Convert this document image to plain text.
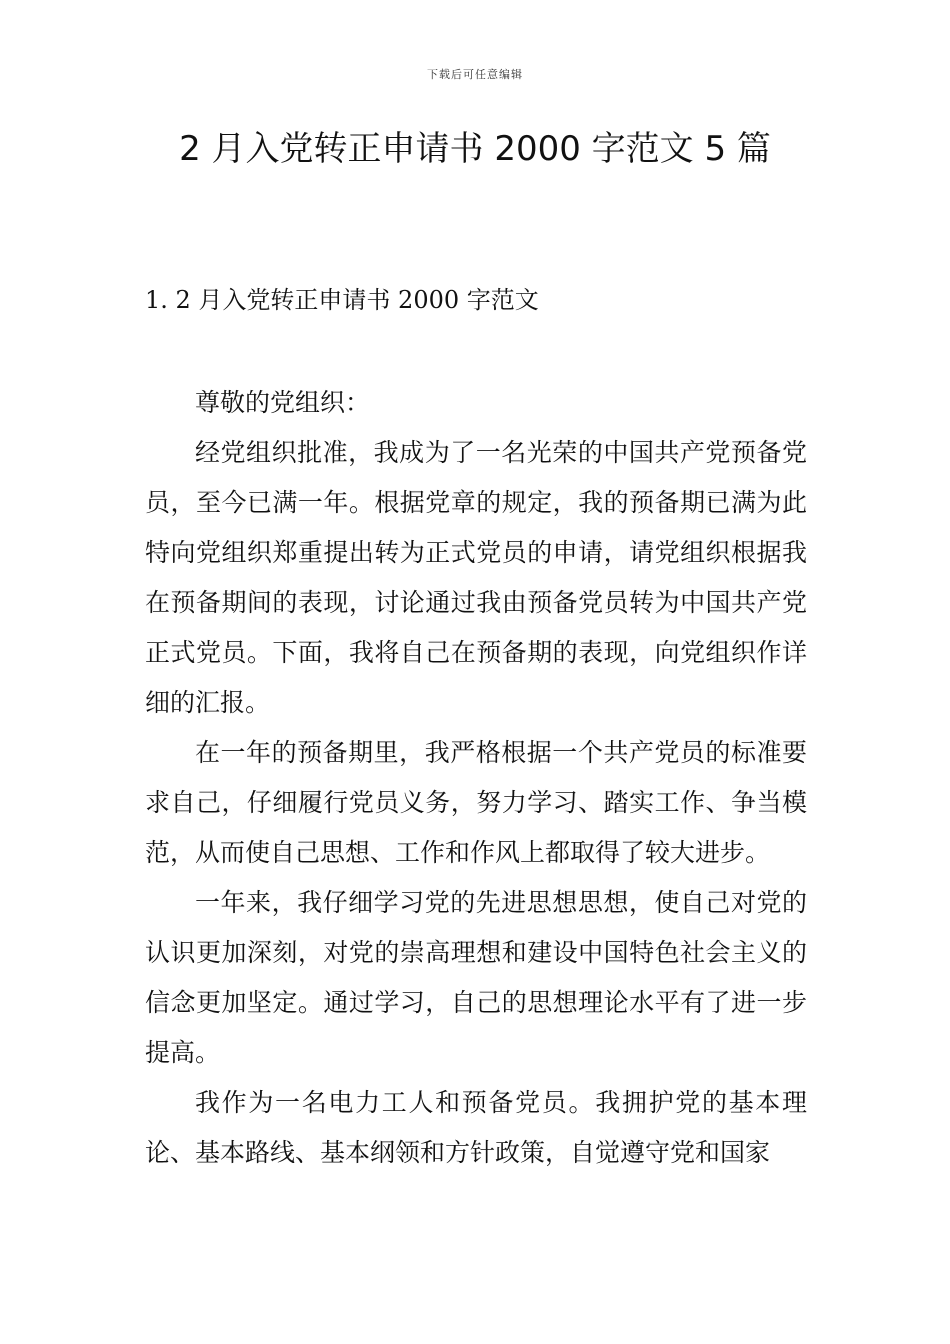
下载后可任意编辑
2 月入党转正申请书 2000 字范文 5 篇
1. 2 月入党转正申请书 2000 字范文

尊敬的党组织：

经党组织批准，我成为了一名光荣的中国共产党预备党员，至今已满一年。根据党章的规定，我的预备期已满为此特向党组织郑重提出转为正式党员的申请，请党组织根据我在预备期间的表现，讨论通过我由预备党员转为中国共产党正式党员。下面，我将自己在预备期的表现，向党组织作详细的汇报。

在一年的预备期里，我严格根据一个共产党员的标准要求自己，仔细履行党员义务，努力学习、踏实工作、争当模范，从而使自己思想、工作和作风上都取得了较大进步。

一年来，我仔细学习党的先进思想思想，使自己对党的认识更加深刻，对党的崇高理想和建设中国特色社会主义的信念更加坚定。通过学习，自己的思想理论水平有了进一步提高。

我作为一名电力工人和预备党员。我拥护党的基本理论、基本路线、基本纲领和方针政策，自觉遵守党和国家
